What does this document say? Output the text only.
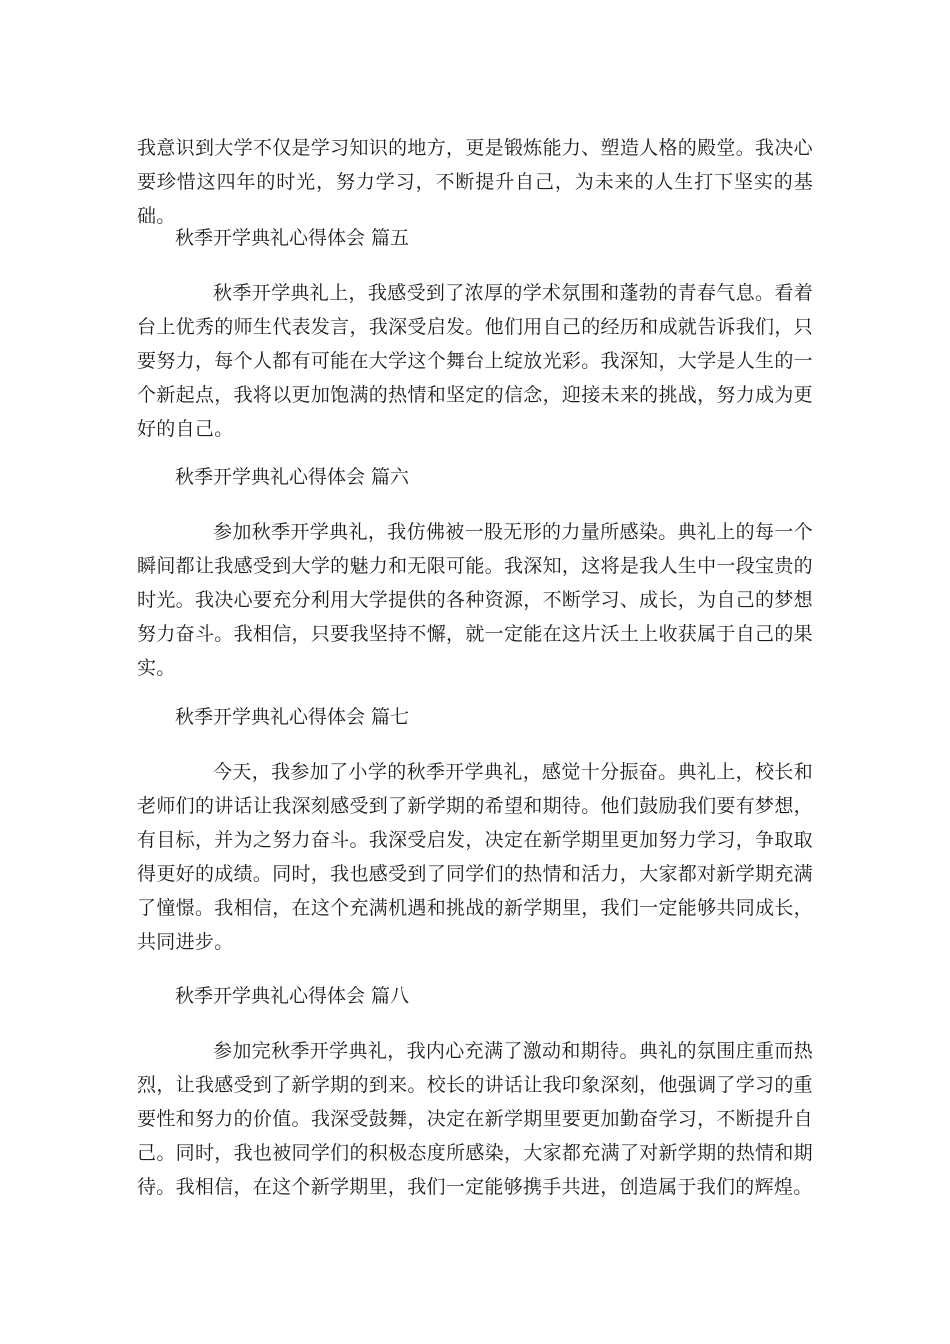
我意识到大学不仅是学习知识的地方，更是锻炼能力、塑造人格的殿堂。我决心要珍惜这四年的时光，努力学习，不断提升自己，为未来的人生打下坚实的基础。

秋季开学典礼心得体会 篇五

秋季开学典礼上，我感受到了浓厚的学术氛围和蓬勃的青春气息。看着台上优秀的师生代表发言，我深受启发。他们用自己的经历和成就告诉我们，只要努力，每个人都有可能在大学这个舞台上绽放光彩。我深知，大学是人生的一个新起点，我将以更加饱满的热情和坚定的信念，迎接未来的挑战，努力成为更好的自己。

秋季开学典礼心得体会 篇六

参加秋季开学典礼，我仿佛被一股无形的力量所感染。典礼上的每一个瞬间都让我感受到大学的魅力和无限可能。我深知，这将是我人生中一段宝贵的时光。我决心要充分利用大学提供的各种资源，不断学习、成长，为自己的梦想努力奋斗。我相信，只要我坚持不懈，就一定能在这片沃土上收获属于自己的果实。

秋季开学典礼心得体会 篇七

今天，我参加了小学的秋季开学典礼，感觉十分振奋。典礼上，校长和老师们的讲话让我深刻感受到了新学期的希望和期待。他们鼓励我们要有梦想，有目标，并为之努力奋斗。我深受启发，决定在新学期里更加努力学习，争取取得更好的成绩。同时，我也感受到了同学们的热情和活力，大家都对新学期充满了憧憬。我相信，在这个充满机遇和挑战的新学期里，我们一定能够共同成长，共同进步。

秋季开学典礼心得体会 篇八

参加完秋季开学典礼，我内心充满了激动和期待。典礼的氛围庄重而热烈，让我感受到了新学期的到来。校长的讲话让我印象深刻，他强调了学习的重要性和努力的价值。我深受鼓舞，决定在新学期里要更加勤奋学习，不断提升自己。同时，我也被同学们的积极态度所感染，大家都充满了对新学期的热情和期待。我相信，在这个新学期里，我们一定能够携手共进，创造属于我们的辉煌。
